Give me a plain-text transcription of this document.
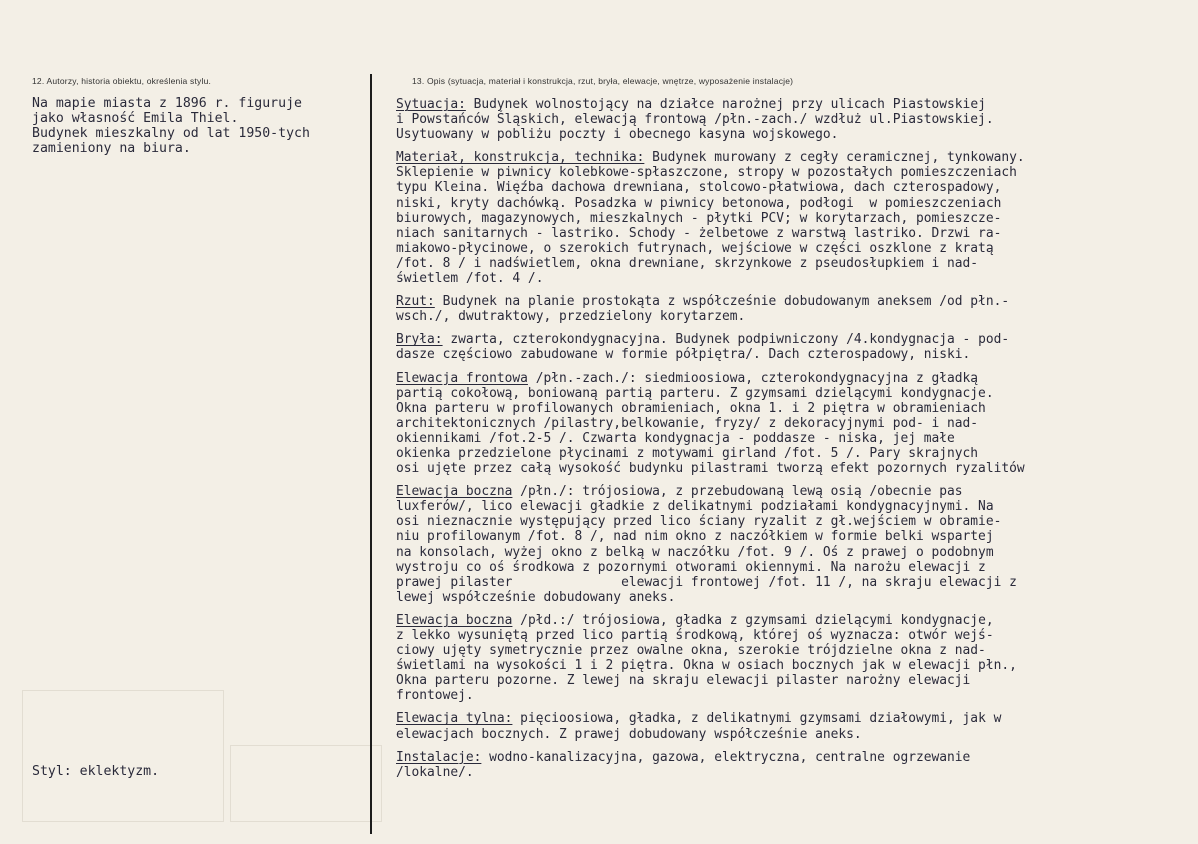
12. Autorzy, historia obiektu, określenia stylu.	13. Opis (sytuacja, materiał i konstrukcja, rzut, bryła, elewacje, wnętrze, wyposażenie instalacje)
Na mapie miasta z 1896 r. figuruje
jako własność Emila Thiel.
Budynek mieszkalny od lat 1950-tych
zamieniony na biura.
Styl: eklektyzm.
Sytuacja: Budynek wolnostojący na działce narożnej przy ulicach Piastowskiej
i Powstańców Śląskich, elewacją frontową /płn.-zach./ wzdłuż ul.Piastowskiej.
Usytuowany w pobliżu poczty i obecnego kasyna wojskowego.
Materiał, konstrukcja, technika: Budynek murowany z cegły ceramicznej, tynkowany.
Sklepienie w piwnicy kolebkowe-spłaszczone, stropy w pozostałych pomieszczeniach
typu Kleina. Więźba dachowa drewniana, stolcowo-płatwiowa, dach czterospadowy,
niski, kryty dachówką. Posadzka w piwnicy betonowa, podłogi  w pomieszczeniach
biurowych, magazynowych, mieszkalnych - płytki PCV; w korytarzach, pomieszcze-
niach sanitarnych - lastriko. Schody - żelbetowe z warstwą lastriko. Drzwi ra-
miakowo-płycinowe, o szerokich futrynach, wejściowe w części oszklone z kratą
/fot. 8 / i nadświetlem, okna drewniane, skrzynkowe z pseudosłupkiem i nad-
świetlem /fot. 4 /.
Rzut: Budynek na planie prostokąta z współcześnie dobudowanym aneksem /od płn.-
wsch./, dwutraktowy, przedzielony korytarzem.
Bryła: zwarta, czterokondygnacyjna. Budynek podpiwniczony /4.kondygnacja - pod-
dasze częściowo zabudowane w formie półpiętra/. Dach czterospadowy, niski.
Elewacja frontowa /płn.-zach./: siedmioosiowa, czterokondygnacyjna z gładką
partią cokołową, boniowaną partią parteru. Z gzymsami dzielącymi kondygnacje.
Okna parteru w profilowanych obramieniach, okna 1. i 2 piętra w obramieniach
architektonicznych /pilastry,belkowanie, fryzy/ z dekoracyjnymi pod- i nad-
okiennikami /fot.2-5 /. Czwarta kondygnacja - poddasze - niska, jej małe
okienka przedzielone płycinami z motywami girland /fot. 5 /. Pary skrajnych
osi ujęte przez całą wysokość budynku pilastrami tworzą efekt pozornych ryzalitów
Elewacja boczna /płn./: trójosiowa, z przebudowaną lewą osią /obecnie pas
luxferów/, lico elewacji gładkie z delikatnymi podziałami kondygnacyjnymi. Na
osi nieznacznie występujący przed lico ściany ryzalit z gł.wejściem w obramie-
niu profilowanym /fot. 8 /, nad nim okno z naczółkiem w formie belki wspartej
na konsolach, wyżej okno z belką w naczółku /fot. 9 /. Oś z prawej o podobnym
wystroju co oś środkowa z pozornymi otworami okiennymi. Na narożu elewacji z
prawej pilaster              elewacji frontowej /fot. 11 /, na skraju elewacji z
lewej współcześnie dobudowany aneks.
Elewacja boczna /płd.:/ trójosiowa, gładka z gzymsami dzielącymi kondygnacje,
z lekko wysuniętą przed lico partią środkową, której oś wyznacza: otwór wejś-
ciowy ujęty symetrycznie przez owalne okna, szerokie trójdzielne okna z nad-
świetlami na wysokości 1 i 2 piętra. Okna w osiach bocznych jak w elewacji płn.,
Okna parteru pozorne. Z lewej na skraju elewacji pilaster narożny elewacji
frontowej.
Elewacja tylna: pięcioosiowa, gładka, z delikatnymi gzymsami działowymi, jak w
elewacjach bocznych. Z prawej dobudowany współcześnie aneks.
Instalacje: wodno-kanalizacyjna, gazowa, elektryczna, centralne ogrzewanie
/lokalne/.
